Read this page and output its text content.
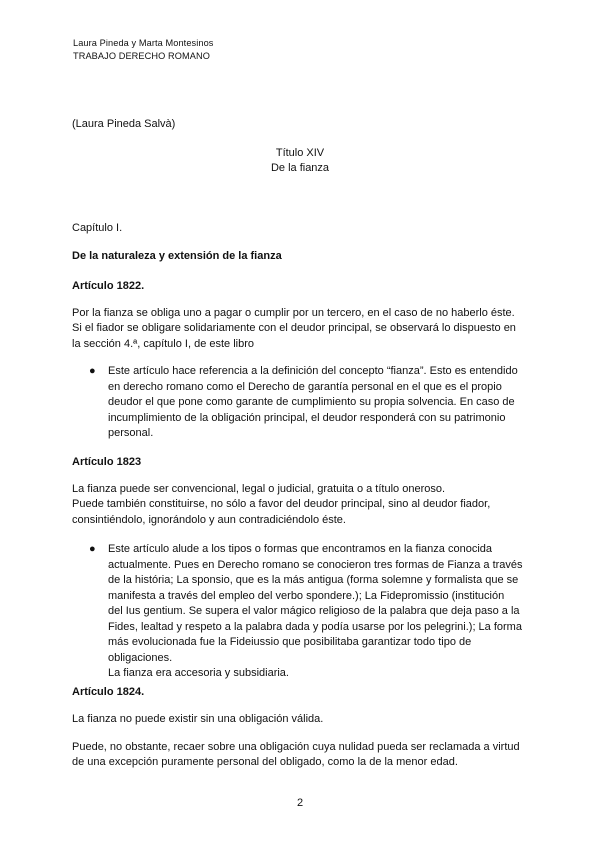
Laura Pineda y Marta Montesinos
TRABAJO DERECHO ROMANO
(Laura Pineda Salvà)
Título XIV
De la fianza
Capítulo I.
De la naturaleza y extensión de la fianza
Artículo 1822.
Por la fianza se obliga uno a pagar o cumplir por un tercero, en el caso de no haberlo éste.
Si el fiador se obligare solidariamente con el deudor principal, se observará lo dispuesto en
la sección 4.ª, capítulo I, de este libro
● Este artículo hace referencia a la definición del concepto “fianza”. Esto es entendido
en derecho romano como el Derecho de garantía personal en el que es el propio
deudor el que pone como garante de cumplimiento su propia solvencia. En caso de
incumplimiento de la obligación principal, el deudor responderá con su patrimonio
personal.
Artículo 1823
La fianza puede ser convencional, legal o judicial, gratuita o a título oneroso.
Puede también constituirse, no sólo a favor del deudor principal, sino al deudor fiador,
consintiéndolo, ignorándolo y aun contradiciéndolo éste.
● Este artículo alude a los tipos o formas que encontramos en la fianza conocida
actualmente. Pues en Derecho romano se conocieron tres formas de Fianza a través
de la história; La sponsio, que es la más antigua (forma solemne y formalista que se
manifesta a través del empleo del verbo spondere.); La Fidepromissio (institución
del Ius gentium. Se supera el valor mágico religioso de la palabra que deja paso a la
Fides, lealtad y respeto a la palabra dada y podía usarse por los pelegrini.); La forma
más evolucionada fue la Fideiussio que posibilitaba garantizar todo tipo de
obligaciones.
La fianza era accesoria y subsidiaria.
Artículo 1824.
La fianza no puede existir sin una obligación válida.
Puede, no obstante, recaer sobre una obligación cuya nulidad pueda ser reclamada a virtud
de una excepción puramente personal del obligado, como la de la menor edad.
2
